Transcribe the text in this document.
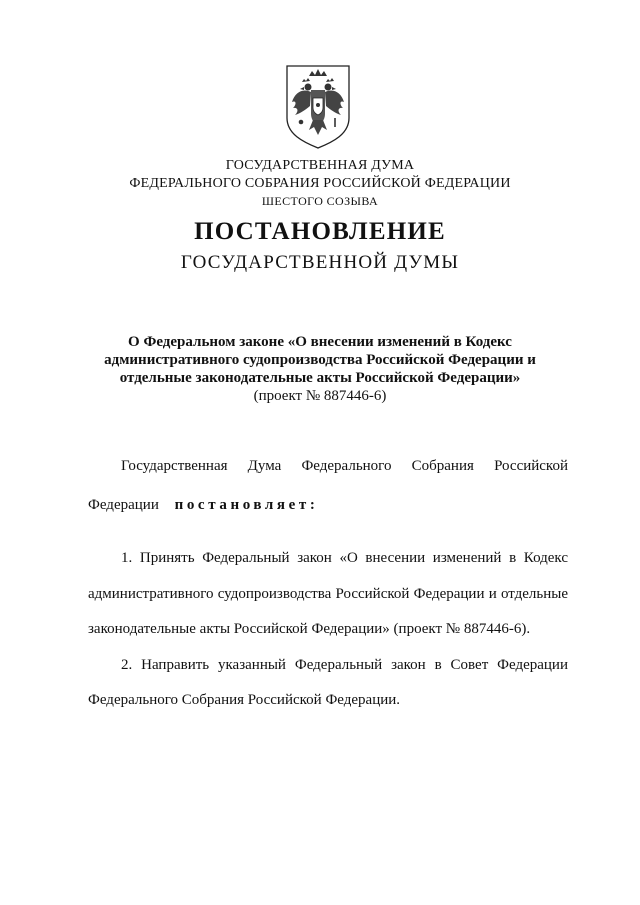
ГОСУДАРСТВЕННАЯ ДУМА
ФЕДЕРАЛЬНОГО СОБРАНИЯ РОССИЙСКОЙ ФЕДЕРАЦИИ
ШЕСТОГО СОЗЫВА
ПОСТАНОВЛЕНИЕ
ГОСУДАРСТВЕННОЙ ДУМЫ
О Федеральном законе «О внесении изменений в Кодекс
административного судопроизводства Российской Федерации и
отдельные законодательные акты Российской Федерации»
(проект № 887446-6)
Государственная Дума Федерального Собрания Российской
Федерации постановляет:
1. Принять Федеральный закон «О внесении изменений в Кодекс
административного судопроизводства Российской Федерации и отдельные
законодательные акты Российской Федерации» (проект № 887446-6).
2. Направить указанный Федеральный закон в Совет Федерации
Федерального Собрания Российской Федерации.
